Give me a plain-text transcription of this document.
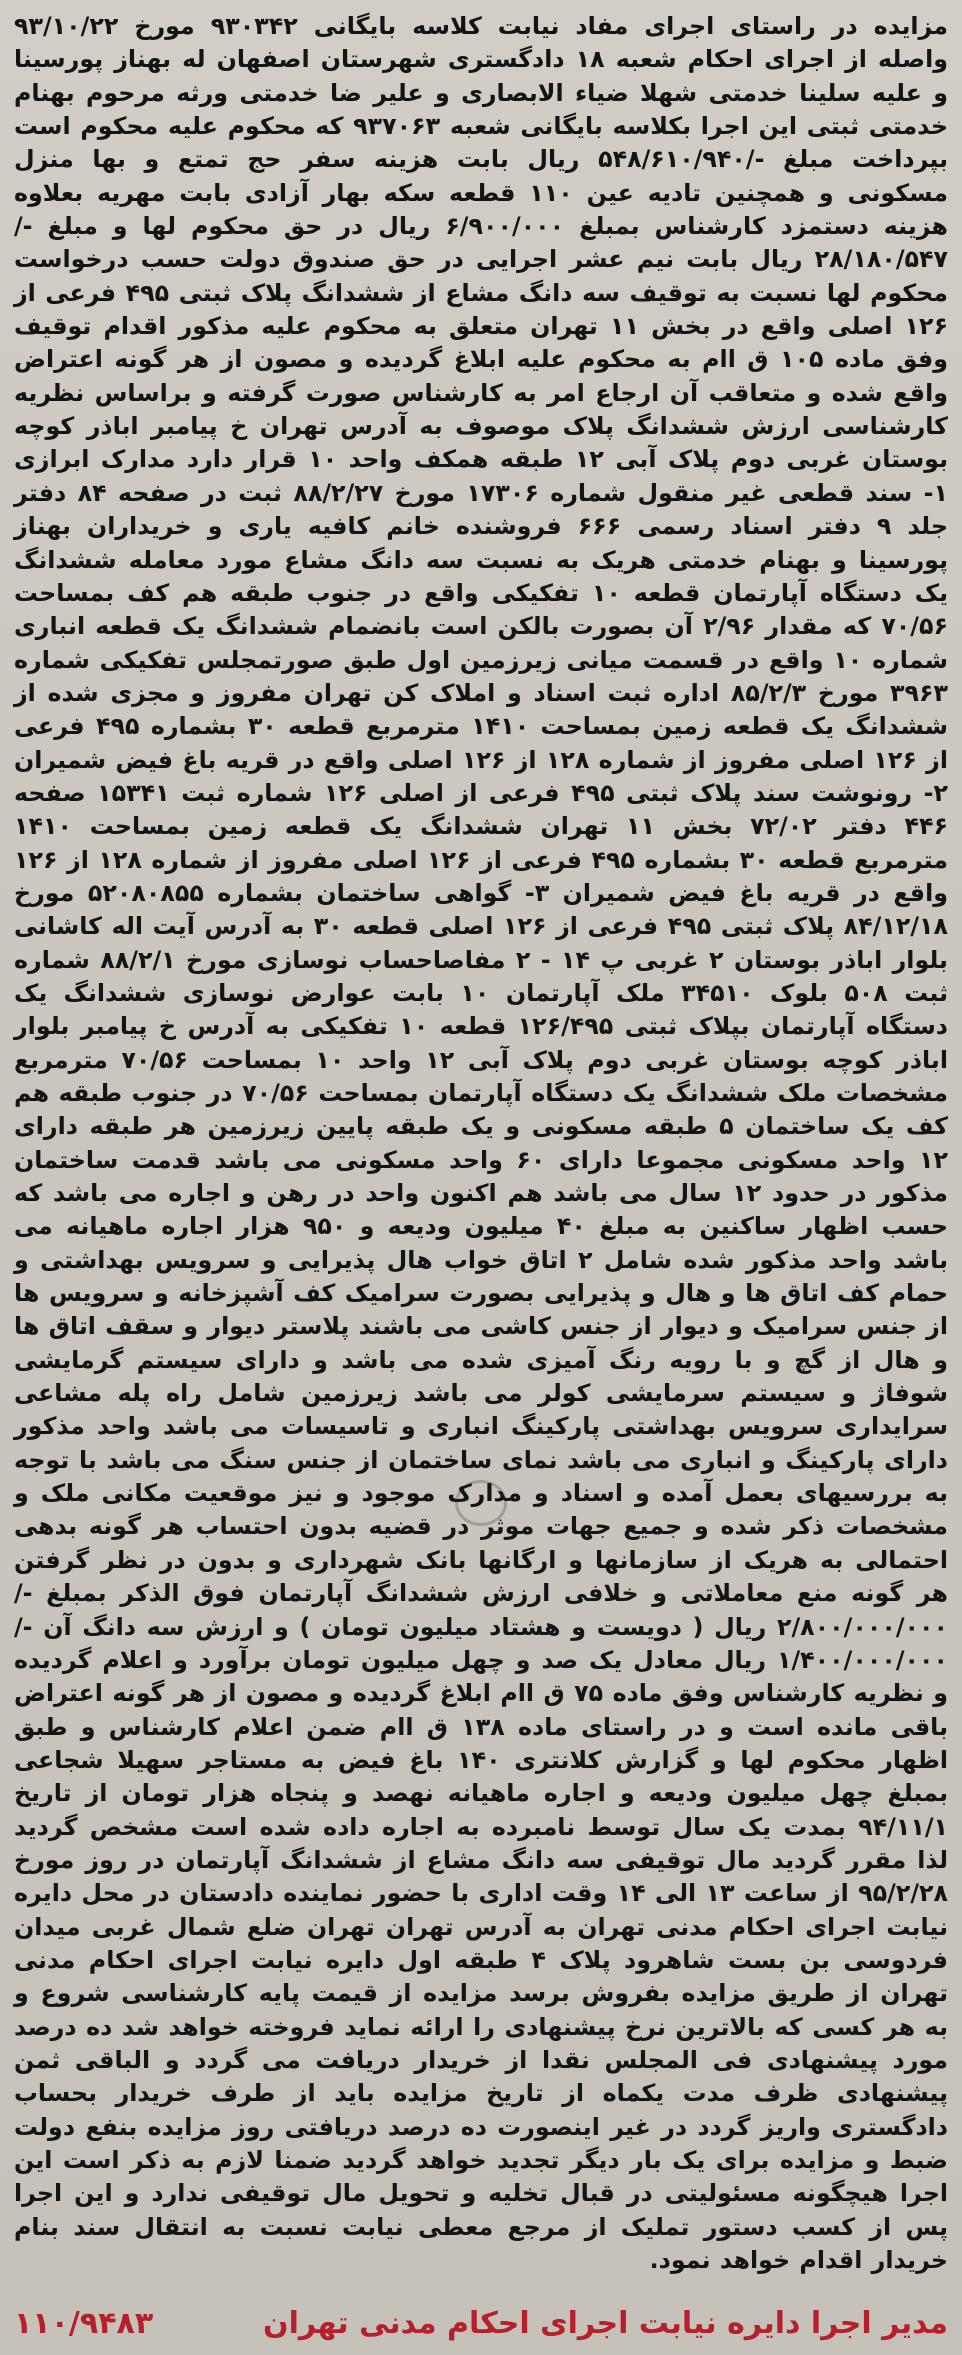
مزایده در راستای اجرای مفاد نیابت کلاسه بایگانی ۹۳۰۳۴۲ مورخ ۹۳/۱۰/۲۲ واصله از اجرای احکام شعبه ۱۸ دادگستری شهرستان اصفهان له بهناز پورسینا و علیه سلینا خدمتی شهلا ضیاء الابصاری و علیر ضا خدمتی ورثه مرحوم بهنام خدمتی ثبتی این اجرا بکلاسه بایگانی شعبه ۹۳۷۰۶۳ که محکوم علیه محکوم است بپرداخت مبلغ -/۵۴۸/۶۱۰/۹۴۰ ریال بابت هزینه سفر حج تمتع و بها منزل مسکونی و همچنین تادیه عین ۱۱۰ قطعه سکه بهار آزادی بابت مهریه بعلاوه هزینه دستمزد کارشناس بمبلغ ۶/۹۰۰/۰۰۰ ریال در حق محکوم لها و مبلغ -/۲۸/۱۸۰/۵۴۷ ریال بابت نیم عشر اجرایی در حق صندوق دولت حسب درخواست محکوم لها نسبت به توقیف سه دانگ مشاع از ششدانگ پلاک ثبتی ۴۹۵ فرعی از ۱۲۶ اصلی واقع در بخش ۱۱ تهران متعلق به محکوم علیه مذکور اقدام توقیف وفق ماده ۱۰۵ ق اام به محکوم علیه ابلاغ گردیده و مصون از هر گونه اعتراض واقع شده و متعاقب آن ارجاع امر به کارشناس صورت گرفته و براساس نظریه کارشناسی ارزش ششدانگ پلاک موصوف به آدرس تهران خ پیامبر اباذر کوچه بوستان غربی دوم پلاک آبی ۱۲ طبقه همکف واحد ۱۰ قرار دارد مدارک ابرازی ۱- سند قطعی غیر منقول شماره ۱۷۳۰۶ مورخ ۸۸/۲/۲۷ ثبت در صفحه ۸۴ دفتر جلد ۹ دفتر اسناد رسمی ۶۶۶ فروشنده خانم کافیه یاری و خریداران بهناز پورسینا و بهنام خدمتی هریک به نسبت سه دانگ مشاع مورد معامله ششدانگ یک دستگاه آپارتمان قطعه ۱۰ تفکیکی واقع در جنوب طبقه هم کف بمساحت ۷۰/۵۶ که مقدار ۲/۹۶ آن بصورت بالکن است بانضمام ششدانگ یک قطعه انباری شماره ۱۰ واقع در قسمت میانی زیرزمین اول طبق صورتمجلس تفکیکی شماره ۳۹۶۳ مورخ ۸۵/۲/۳ اداره ثبت اسناد و املاک کن تهران مفروز و مجزی شده از ششدانگ یک قطعه زمین بمساحت ۱۴۱۰ مترمربع قطعه ۳۰ بشماره ۴۹۵ فرعی از ۱۲۶ اصلی مفروز از شماره ۱۲۸ از ۱۲۶ اصلی واقع در قریه باغ فیض شمیران ۲- رونوشت سند پلاک ثبتی ۴۹۵ فرعی از اصلی ۱۲۶ شماره ثبت ۱۵۳۴۱ صفحه ۴۴۶ دفتر ۷۲/۰۲ بخش ۱۱ تهران ششدانگ یک قطعه زمین بمساحت ۱۴۱۰ مترمربع قطعه ۳۰ بشماره ۴۹۵ فرعی از ۱۲۶ اصلی مفروز از شماره ۱۲۸ از ۱۲۶ واقع در قریه باغ فیض شمیران ۳- گواهی ساختمان بشماره ۵۲۰۸۰۸۵۵ مورخ ۸۴/۱۲/۱۸ پلاک ثبتی ۴۹۵ فرعی از ۱۲۶ اصلی قطعه ۳۰ به آدرس آیت اله کاشانی بلوار اباذر بوستان ۲ غربی پ ۱۴ - ۲ مفاصاحساب نوسازی مورخ ۸۸/۲/۱ شماره ثبت ۵۰۸ بلوک ۳۴۵۱۰ ملک آپارتمان ۱۰ بابت عوارض نوسازی ششدانگ یک دستگاه آپارتمان بپلاک ثبتی ۱۲۶/۴۹۵ قطعه ۱۰ تفکیکی به آدرس خ پیامبر بلوار اباذر کوچه بوستان غربی دوم پلاک آبی ۱۲ واحد ۱۰ بمساحت ۷۰/۵۶ مترمربع مشخصات ملک ششدانگ یک دستگاه آپارتمان بمساحت ۷۰/۵۶ در جنوب طبقه هم کف یک ساختمان ۵ طبقه مسکونی و یک طبقه پایین زیرزمین هر طبقه دارای ۱۲ واحد مسکونی مجموعا دارای ۶۰ واحد مسکونی می باشد قدمت ساختمان مذکور در حدود ۱۲ سال می باشد هم اکنون واحد در رهن و اجاره می باشد که حسب اظهار ساکنین به مبلغ ۴۰ میلیون ودیعه و ۹۵۰ هزار اجاره ماهیانه می باشد واحد مذکور شده شامل ۲ اتاق خواب هال پذیرایی و سرویس بهداشتی و حمام کف اتاق ها و هال و پذیرایی بصورت سرامیک کف آشپزخانه و سرویس ها از جنس سرامیک و دیوار از جنس کاشی می باشند پلاستر دیوار و سقف اتاق ها و هال از گچ و با رویه رنگ آمیزی شده می باشد و دارای سیستم گرمایشی شوفاژ و سیستم سرمایشی کولر می باشد زیرزمین شامل راه پله مشاعی سرایداری سرویس بهداشتی پارکینگ انباری و تاسیسات می باشد واحد مذکور دارای پارکینگ و انباری می باشد نمای ساختمان از جنس سنگ می باشد با توجه به بررسیهای بعمل آمده و اسناد و مدارک موجود و نیز موقعیت مکانی ملک و مشخصات ذکر شده و جمیع جهات موثر در قضیه بدون احتساب هر گونه بدهی احتمالی به هریک از سازمانها و ارگانها بانک شهرداری و بدون در نظر گرفتن هر گونه منع معاملاتی و خلافی ارزش ششدانگ آپارتمان فوق الذکر بمبلغ -/۲/۸۰۰/۰۰۰/۰۰۰ ریال ( دویست و هشتاد میلیون تومان ) و ارزش سه دانگ آن -/۱/۴۰۰/۰۰۰/۰۰۰ ریال معادل یک صد و چهل میلیون تومان برآورد و اعلام گردیده و نظریه کارشناس وفق ماده ۷۵ ق اام ابلاغ گردیده و مصون از هر گونه اعتراض باقی مانده است و در راستای ماده ۱۳۸ ق اام ضمن اعلام کارشناس و طبق اظهار محکوم لها و گزارش کلانتری ۱۴۰ باغ فیض به مستاجر سهیلا شجاعی بمبلغ چهل میلیون ودیعه و اجاره ماهیانه نهصد و پنجاه هزار تومان از تاریخ ۹۴/۱۱/۱ بمدت یک سال توسط نامبرده به اجاره داده شده است مشخص گردید لذا مقرر گردید مال توقیفی سه دانگ مشاع از ششدانگ آپارتمان در روز مورخ ۹۵/۲/۲۸ از ساعت ۱۳ الی ۱۴ وقت اداری با حضور نماینده دادستان در محل دایره نیابت اجرای احکام مدنی تهران به آدرس تهران تهران ضلع شمال غربی میدان فردوسی بن بست شاهرود پلاک ۴ طبقه اول دایره نیابت اجرای احکام مدنی تهران از طریق مزایده بفروش برسد مزایده از قیمت پایه کارشناسی شروع و به هر کسی که بالاترین نرخ پیشنهادی را ارائه نماید فروخته خواهد شد ده درصد مورد پیشنهادی فی المجلس نقدا از خریدار دریافت می گردد و الباقی ثمن پیشنهادی ظرف مدت یکماه از تاریخ مزایده باید از طرف خریدار بحساب دادگستری واریز گردد در غیر اینصورت ده درصد دریافتی روز مزایده بنفع دولت ضبط و مزایده برای یک بار دیگر تجدید خواهد گردید ضمنا لازم به ذکر است این اجرا هیچگونه مسئولیتی در قبال تخلیه و تحویل مال توقیفی ندارد و این اجرا پس از کسب دستور تملیک از مرجع معطی نیابت نسبت به انتقال سند بنام خریدار اقدام خواهد نمود.

مدیر اجرا دایره نیابت اجرای احکام مدنی تهران
۱۱۰/۹۴۸۳
